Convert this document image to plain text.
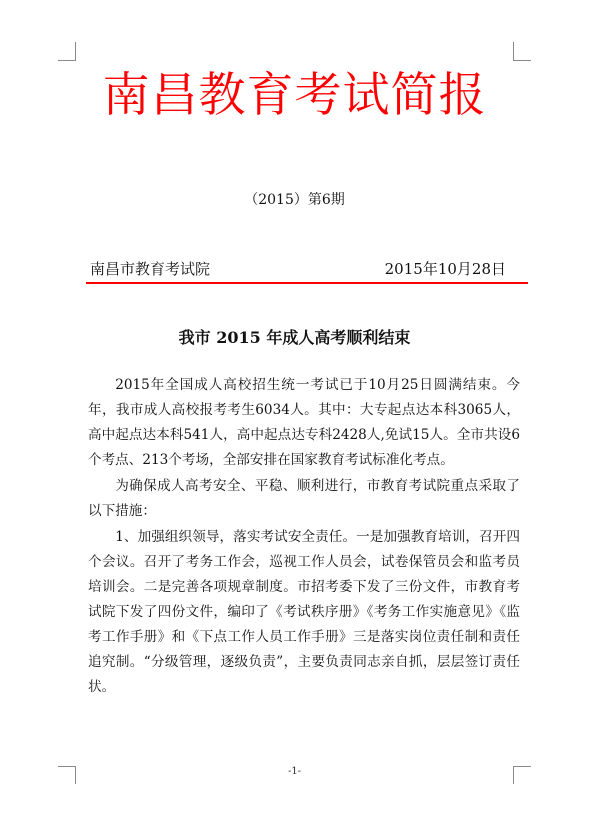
南昌教育考试简报
（2015）第6期
南昌市教育考试院	2015年10月28日
我市 2015 年成人高考顺利结束

2015年全国成人高校招生统一考试已于10月25日圆满结束。今年，我市成人高校报考考生6034人。其中：大专起点达本科3065人，高中起点达本科541人，高中起点达专科2428人,免试15人。全市共设6个考点、213个考场，全部安排在国家教育考试标准化考点。

为确保成人高考安全、平稳、顺利进行，市教育考试院重点采取了以下措施：

1、加强组织领导，落实考试安全责任。一是加强教育培训，召开四个会议。召开了考务工作会，巡视工作人员会，试卷保管员会和监考员培训会。二是完善各项规章制度。市招考委下发了三份文件，市教育考试院下发了四份文件，编印了《考试秩序册》《考务工作实施意见》《监考工作手册》和《下点工作人员工作手册》三是落实岗位责任制和责任追究制。“分级管理，逐级负责”，主要负责同志亲自抓，层层签订责任状。

-1-
